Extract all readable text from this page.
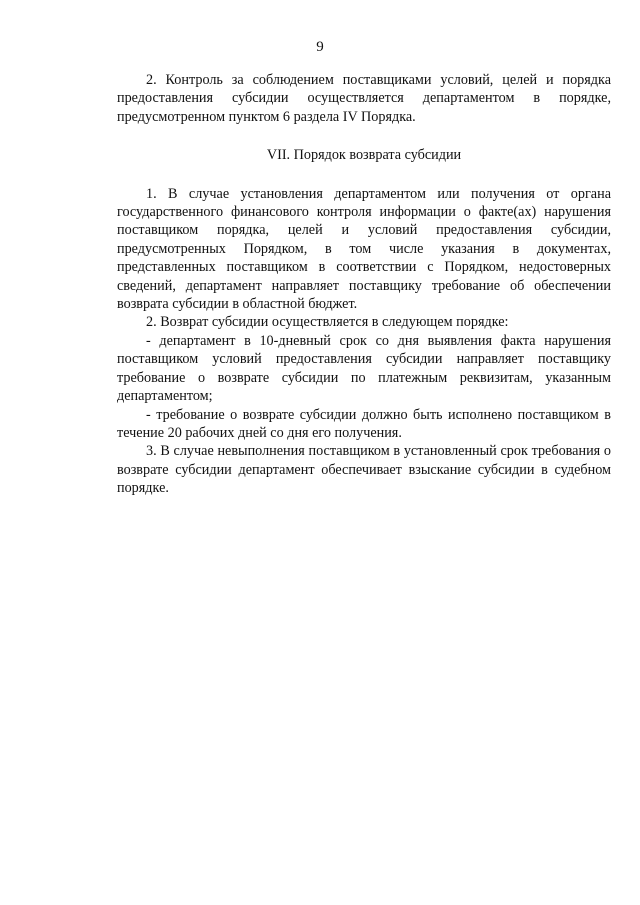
9

2. Контроль за соблюдением поставщиками условий, целей и порядка предоставления субсидии осуществляется департаментом в порядке, предусмотренном пунктом 6 раздела IV Порядка.

VII. Порядок возврата субсидии

1. В случае установления департаментом или получения от органа государственного финансового контроля информации о факте(ах) нарушения поставщиком порядка, целей и условий предоставления субсидии, предусмотренных Порядком, в том числе указания в документах, представленных поставщиком в соответствии с Порядком, недостоверных сведений, департамент направляет поставщику требование об обеспечении возврата субсидии в областной бюджет.

2. Возврат субсидии осуществляется в следующем порядке:

- департамент в 10-дневный срок со дня выявления факта нарушения поставщиком условий предоставления субсидии направляет поставщику требование о возврате субсидии по платежным реквизитам, указанным департаментом;

- требование о возврате субсидии должно быть исполнено поставщиком в течение 20 рабочих дней со дня его получения.

3. В случае невыполнения поставщиком в установленный срок требования о возврате субсидии департамент обеспечивает взыскание субсидии в судебном порядке.
